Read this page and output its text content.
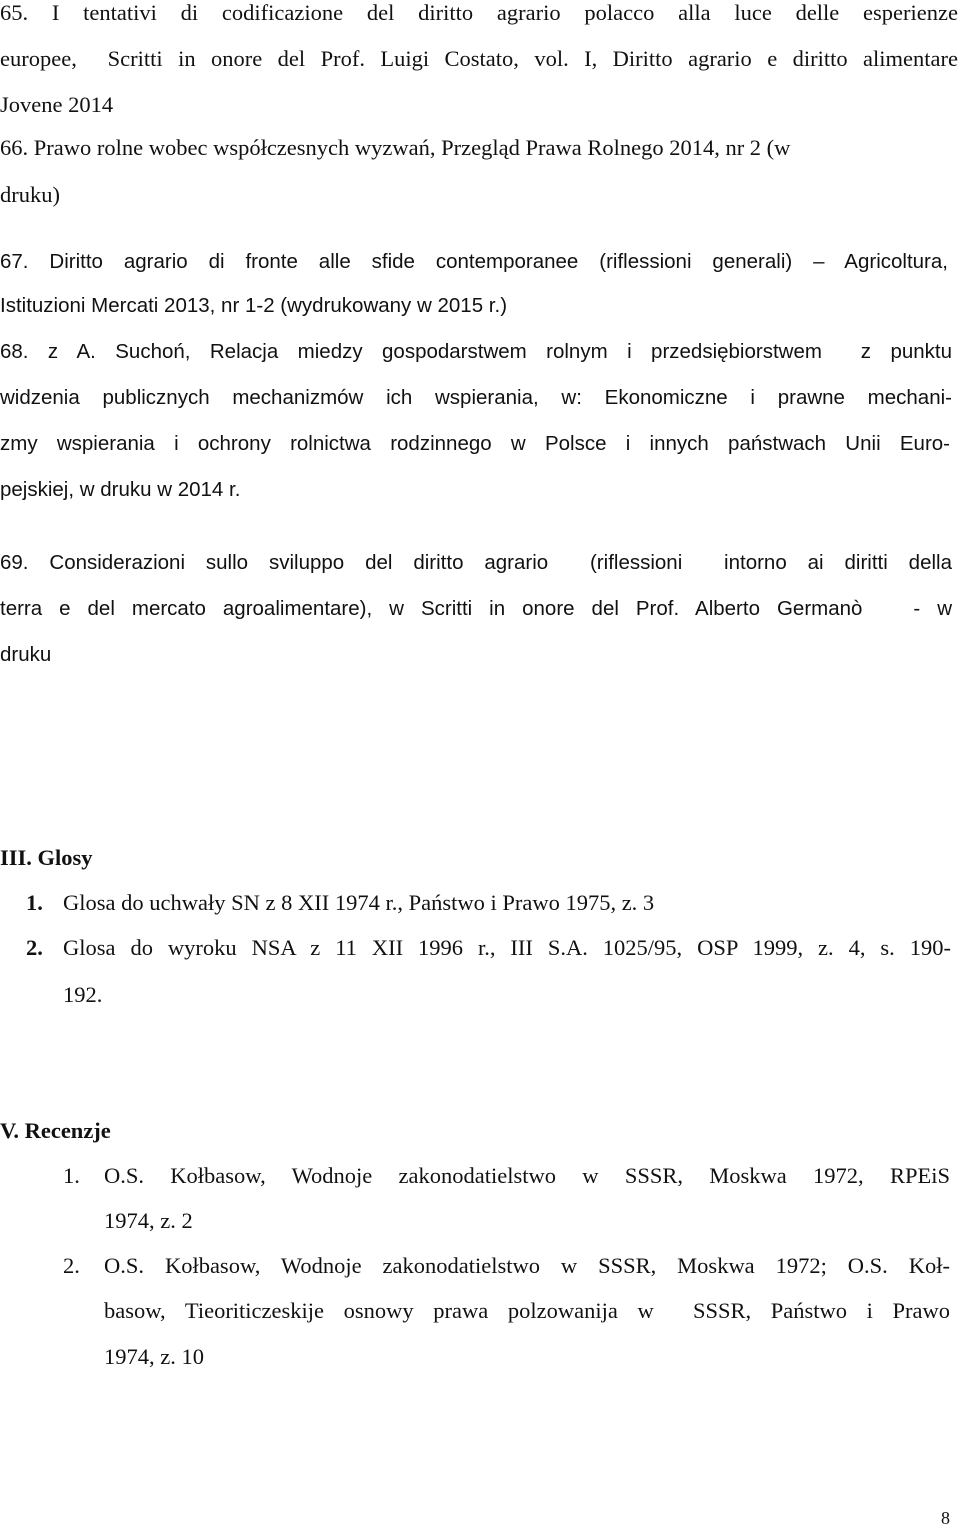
65. I tentativi di codificazione del diritto agrario polacco alla luce delle esperienze

europee,  Scritti in onore del Prof. Luigi Costato, vol. I, Diritto agrario e diritto alimentare

Jovene 2014

66. Prawo rolne wobec współczesnych wyzwań, Przegląd Prawa Rolnego 2014, nr 2 (w

druku)

67. Diritto agrario di fronte alle sfide contemporanee (riflessioni generali) – Agricoltura,

Istituzioni Mercati 2013, nr 1-2 (wydrukowany w 2015 r.)

68. z A. Suchoń, Relacja miedzy gospodarstwem rolnym i przedsiębiorstwem  z punktu

widzenia publicznych mechanizmów ich wspierania, w: Ekonomiczne i prawne mechani-

zmy wspierania i ochrony rolnictwa rodzinnego w Polsce i innych państwach Unii Euro-

pejskiej, w druku w 2014 r.

69. Considerazioni sullo sviluppo del diritto agrario  (riflessioni  intorno ai diritti della

terra e del mercato agroalimentare), w Scritti in onore del Prof. Alberto Germanò   - w

druku

III. Glosy

1. Glosa do uchwały SN z 8 XII 1974 r., Państwo i Prawo 1975, z. 3

2. Glosa do wyroku NSA z 11 XII 1996 r., III S.A. 1025/95, OSP 1999, z. 4, s. 190-

192.

V. Recenzje

1. O.S. Kołbasow, Wodnoje zakonodatielstwo w SSSR, Moskwa 1972, RPEiS

1974, z. 2

2. O.S. Kołbasow, Wodnoje zakonodatielstwo w SSSR, Moskwa 1972; O.S. Koł-

basow, Tieoriticzeskije osnowy prawa polzowanija w  SSSR, Państwo i Prawo

1974, z. 10

8
